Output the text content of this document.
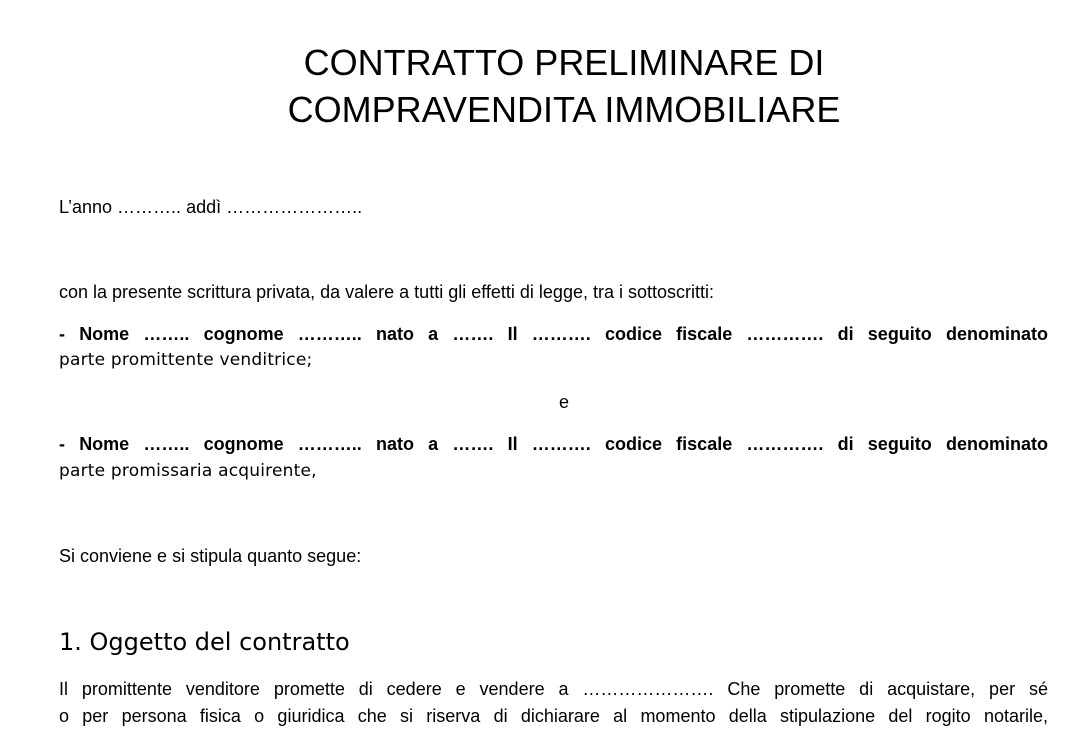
CONTRATTO PRELIMINARE DI
COMPRAVENDITA IMMOBILIARE
L’anno ……….. addì …………………..
con la presente scrittura privata, da valere a tutti gli effetti di legge, tra i sottoscritti:
- Nome …….. cognome ……….. nato a ……. Il ………. codice fiscale …………. di seguito denominato
parte promittente venditrice;
e
- Nome …….. cognome ……….. nato a ……. Il ………. codice fiscale …………. di seguito denominato
parte promissaria acquirente,
Si conviene e si stipula quanto segue:
1. Oggetto del contratto
Il promittente venditore promette di cedere e vendere a …………………. Che promette di acquistare, per sé
o per persona fisica o giuridica che si riserva di dichiarare al momento della stipulazione del rogito notarile,
